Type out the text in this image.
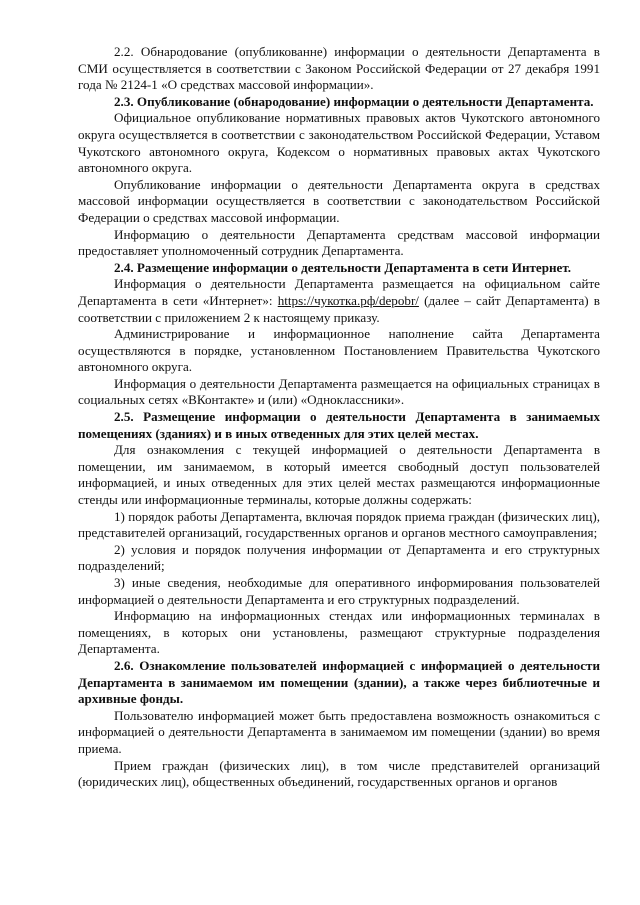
2.2. Обнародование (опубликованне) информации о деятельности Департамента в СМИ осуществляется в соответствии с Законом Российской Федерации от 27 декабря 1991 года № 2124-1 «О средствах массовой информации».

2.3. Опубликование (обнародование) информации о деятельности Департамента.

Официальное опубликование нормативных правовых актов Чукотского автономного округа осуществляется в соответствии с законодательством Российской Федерации, Уставом Чукотского автономного округа, Кодексом о нормативных правовых актах Чукотского автономного округа.

Опубликование информации о деятельности Департамента округа в средствах массовой информации осуществляется в соответствии с законодательством Российской Федерации о средствах массовой информации.

Информацию о деятельности Департамента средствам массовой информации предоставляет уполномоченный сотрудник Департамента.

2.4. Размещение информации о деятельности Департамента в сети Интернет.

Информация о деятельности Департамента размещается на официальном сайте Департамента в сети «Интернет»: https://чукотка.рф/depobr/ (далее – сайт Департамента) в соответствии с приложением 2 к настоящему приказу.

Администрирование и информационное наполнение сайта Департамента осуществляются в порядке, установленном Постановлением Правительства Чукотского автономного округа.

Информация о деятельности Департамента размещается на официальных страницах в социальных сетях «ВКонтакте» и (или) «Одноклассники».

2.5. Размещение информации о деятельности Департамента в занимаемых помещениях (зданиях) и в иных отведенных для этих целей местах.

Для ознакомления с текущей информацией о деятельности Департамента в помещении, им занимаемом, в который имеется свободный доступ пользователей информацией, и иных отведенных для этих целей местах размещаются информационные стенды или информационные терминалы, которые должны содержать:

1) порядок работы Департамента, включая порядок приема граждан (физических лиц), представителей организаций, государственных органов и органов местного самоуправления;

2) условия и порядок получения информации от Департамента и его структурных подразделений;

3) иные сведения, необходимые для оперативного информирования пользователей информацией о деятельности Департамента и его структурных подразделений.

Информацию на информационных стендах или информационных терминалах в помещениях, в которых они установлены, размещают структурные подразделения Департамента.

2.6. Ознакомление пользователей информацией с информацией о деятельности Департамента в занимаемом им помещении (здании), а также через библиотечные и архивные фонды.

Пользователю информацией может быть предоставлена возможность ознакомиться с информацией о деятельности Департамента в занимаемом им помещении (здании) во время приема.

Прием граждан (физических лиц), в том числе представителей организаций (юридических лиц), общественных объединений, государственных органов и органов
